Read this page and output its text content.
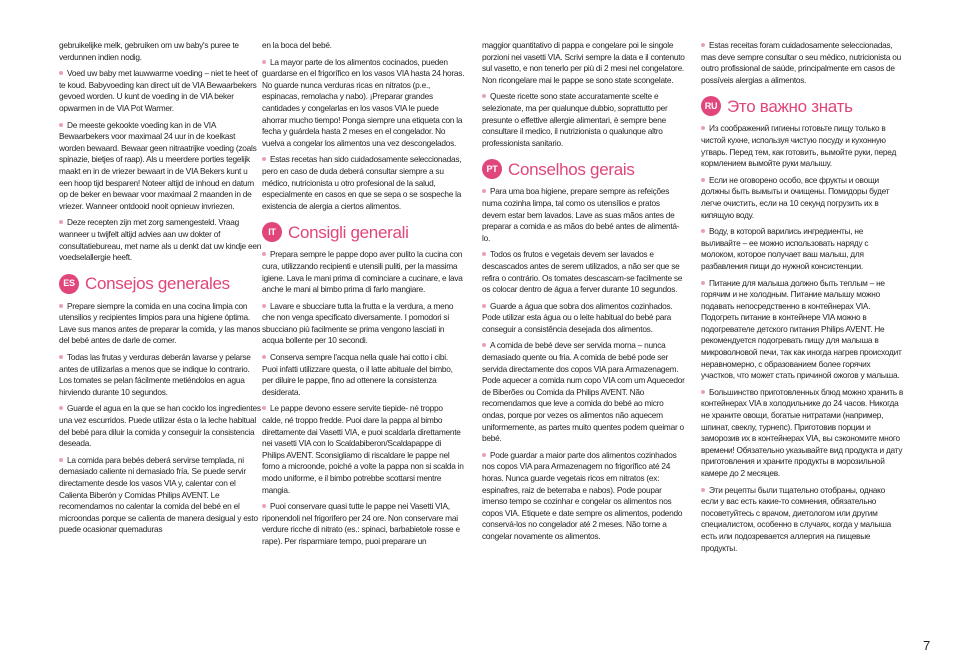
gebruikelijke melk, gebruiken om uw baby's puree te verdunnen indien nodig.

Voed uw baby met lauwwarme voeding – niet te heet of te koud. Babyvoeding kan direct uit de VIA Bewaarbekers gevoed worden. U kunt de voeding in de VIA beker opwarmen in de VIA Pot Warmer.

De meeste gekookte voeding kan in de VIA Bewaarbekers voor maximaal 24 uur in de koelkast worden bewaard. Bewaar geen nitraatrijke voeding (zoals spinazie, bietjes of raap). Als u meerdere porties tegelijk maakt en in de vriezer bewaart in de VIA Bekers kunt u een hoop tijd besparen! Noteer altijd de inhoud en datum op de beker en bewaar voor maximaal 2 maanden in de vriezer. Wanneer ontdooid nooit opnieuw invriezen.

Deze recepten zijn met zorg samengesteld. Vraag wanneer u twijfelt altijd advies aan uw dokter of consultatiebureau, met name als u denkt dat uw kindje een voedselallergie heeft.

ES Consejos generales

Prepare siempre la comida en una cocina limpia con utensilios y recipientes limpios para una higiene óptima. Lave sus manos antes de preparar la comida, y las manos del bebé antes de darle de comer.

Todas las frutas y verduras deberán lavarse y pelarse antes de utilizarlas a menos que se indique lo contrario. Los tomates se pelan fácilmente metiéndolos en agua hirviendo durante 10 segundos.

Guarde el agua en la que se han cocido los ingredientes una vez escurridos. Puede utilizar ésta o la leche habitual del bebé para diluir la comida y conseguir la consistencia deseada.

La comida para bebés deberá servirse templada, ni demasiado caliente ni demasiado fría. Se puede servir directamente desde los vasos VIA y, calentar con el Calienta Biberón y Comidas Philips AVENT. Le recomendamos no calentar la comida del bebé en el microondas porque se calienta de manera desigual y esto puede ocasionar quemaduras

en la boca del bebé.

La mayor parte de los alimentos cocinados, pueden guardarse en el frigorífico en los vasos VIA hasta 24 horas. No guarde nunca verduras ricas en nitratos (p.e., espinacas, remolacha y nabo). ¡Preparar grandes cantidades y congelarlas en los vasos VIA le puede ahorrar mucho tiempo! Ponga siempre una etiqueta con la fecha y guárdela hasta 2 meses en el congelador. No vuelva a congelar los alimentos una vez descongelados.

Estas recetas han sido cuidadosamente seleccionadas, pero en caso de duda deberá consultar siempre a su médico, nutricionista u otro profesional de la salud, especialmente en casos en que se sepa o se sospeche la existencia de alergia a ciertos alimentos.

IT Consigli generali

Preparа sempre le pappe dopo aver pulito la cucina con cura, utilizzando recipienti e utensili puliti, per la massima igiene. Lava le mani prima di cominciare a cucinare, e lava anche le mani al bimbo prima di farlo mangiare.

Lavare e sbucciare tutta la frutta e la verdura, a meno che non venga specificato diversamente. I pomodori si sbucciano più facilmente se prima vengono lasciati in acqua bollente per 10 secondi.

Conserva sempre l'acqua nella quale hai cotto i cibi. Puoi infatti utilizzare questa, o il latte abituale del bimbo, per diluire le pappe, fino ad ottenere la consistenza desiderata.

Le pappe devono essere servite tiepide- né troppo calde, né troppo fredde. Puoi dare la pappa al bimbo direttamente dai Vasetti VIA, e puoi scaldarla direttamente nei vasetti VIA con lo Scaldabiberon/Scaldapappe di Philips AVENT. Sconsigliamo di riscaldare le pappe nel forno a microonde, poiché a volte la pappa non si scalda in modo uniforme, e il bimbo potrebbe scottarsi mentre mangia.

Puoi conservare quasi tutte le pappe nei Vasetti VIA, riponendoli nel frigorifero per 24 ore. Non conservare mai verdure ricche di nitrato (es.: spinaci, barbabietole rosse e rape). Per risparmiare tempo, puoi preparare un

maggior quantitativo di pappa e congelare poi le singole porzioni nei vasetti VIA. Scrivi sempre la data e il contenuto sul vasetto, e non tenerlo per più di 2 mesi nel congelatore. Non ricongelare mai le pappe se sono state scongelate.

Queste ricette sono state accuratamente scelte e selezionate, ma per qualunque dubbio, soprattutto per presunte o effettive allergie alimentari, è sempre bene consultare il medico, il nutrizionista o qualunque altro professionista sanitario.

PT Conselhos gerais

Para uma boa higiene, prepare sempre as refeições numa cozinha limpa, tal como os utensílios e pratos devem estar bem lavados. Lave as suas mãos antes de preparar a comida e as mãos do bebé antes de alimentá-lo.

Todos os frutos e vegetais devem ser lavados e descascados antes de serem utilizados, a não ser que se refira o contrário. Os tomates descascam-se facilmente se os colocar dentro de água a ferver durante 10 segundos.

Guarde a água que sobra dos alimentos cozinhados. Pode utilizar esta água ou o leite habitual do bebé para conseguir a consistência desejada dos alimentos.

A comida de bebé deve ser servida morna – nunca demasiado quente ou fria. A comida de bebé pode ser servida directamente dos copos VIA para Armazenagem. Pode aquecer a comida num copo VIA com um Aquecedor de Biberões ou Comida da Philips AVENT. Não recomendamos que leve a comida do bebé ao micro ondas, porque por vezes os alimentos não aquecem uniformemente, as partes muito quentes podem queimar o bebé.

Pode guardar a maior parte dos alimentos cozinhados nos copos VIA para Armazenagem no frigorífico até 24 horas. Nunca guarde vegetais ricos em nitratos (ex: espinafres, raiz de beterraba e nabos). Pode poupar imenso tempo se cozinhar e congelar os alimentos nos copos VIA. Etiquete e date sempre os alimentos, podendo conservá-los no congelador até 2 meses. Não torne a congelar novamente os alimentos.

Estas receitas foram cuidadosamente seleccionadas, mas deve sempre consultar o seu médico, nutricionista ou outro profissional de saúde, principalmente em casos de possíveis alergias a alimentos.

RU Это важно знать

Из соображений гигиены готовьте пищу только в чистой кухне, используя чистую посуду и кухонную утварь. Перед тем, как готовить, вымойте руки, перед кормлением вымойте руки малышу.

Если не оговорено особо, все фрукты и овощи должны быть вымыты и очищены. Помидоры будет легче очистить, если на 10 секунд погрузить их в кипящую воду.

Воду, в которой варились ингредиенты, не выливайте – ее можно использовать наряду с молоком, которое получает ваш малыш, для разбавления пищи до нужной консистенции.

Питание для малыша должно быть теплым – не горячим и не холодным. Питание малышу можно подавать непосредственно в контейнерах VIA. Подогреть питание в контейнере VIA можно в подогревателе детского питания Philips AVENT. Не рекомендуется подогревать пищу для малыша в микроволновой печи, так как иногда нагрев происходит неравномерно, с образованием более горячих участков, что может стать причиной ожогов у малыша.

Большинство приготовленных блюд можно хранить в контейнерах VIA в холодильнике до 24 часов. Никогда не храните овощи, богатые нитратами (например, шпинат, свеклу, турнепс). Приготовив порции и заморозив их в контейнерах VIA, вы сэкономите много времени! Обязательно указывайте вид продукта и дату приготовления и храните продукты в морозильной камере до 2 месяцев.

Эти рецепты были тщательно отобраны, однако если у вас есть какие-то сомнения, обязательно посоветуйтесь с врачом, диетологом или другим специалистом, особенно в случаях, когда у малыша есть или подозревается аллергия на пищевые продукты.

7
